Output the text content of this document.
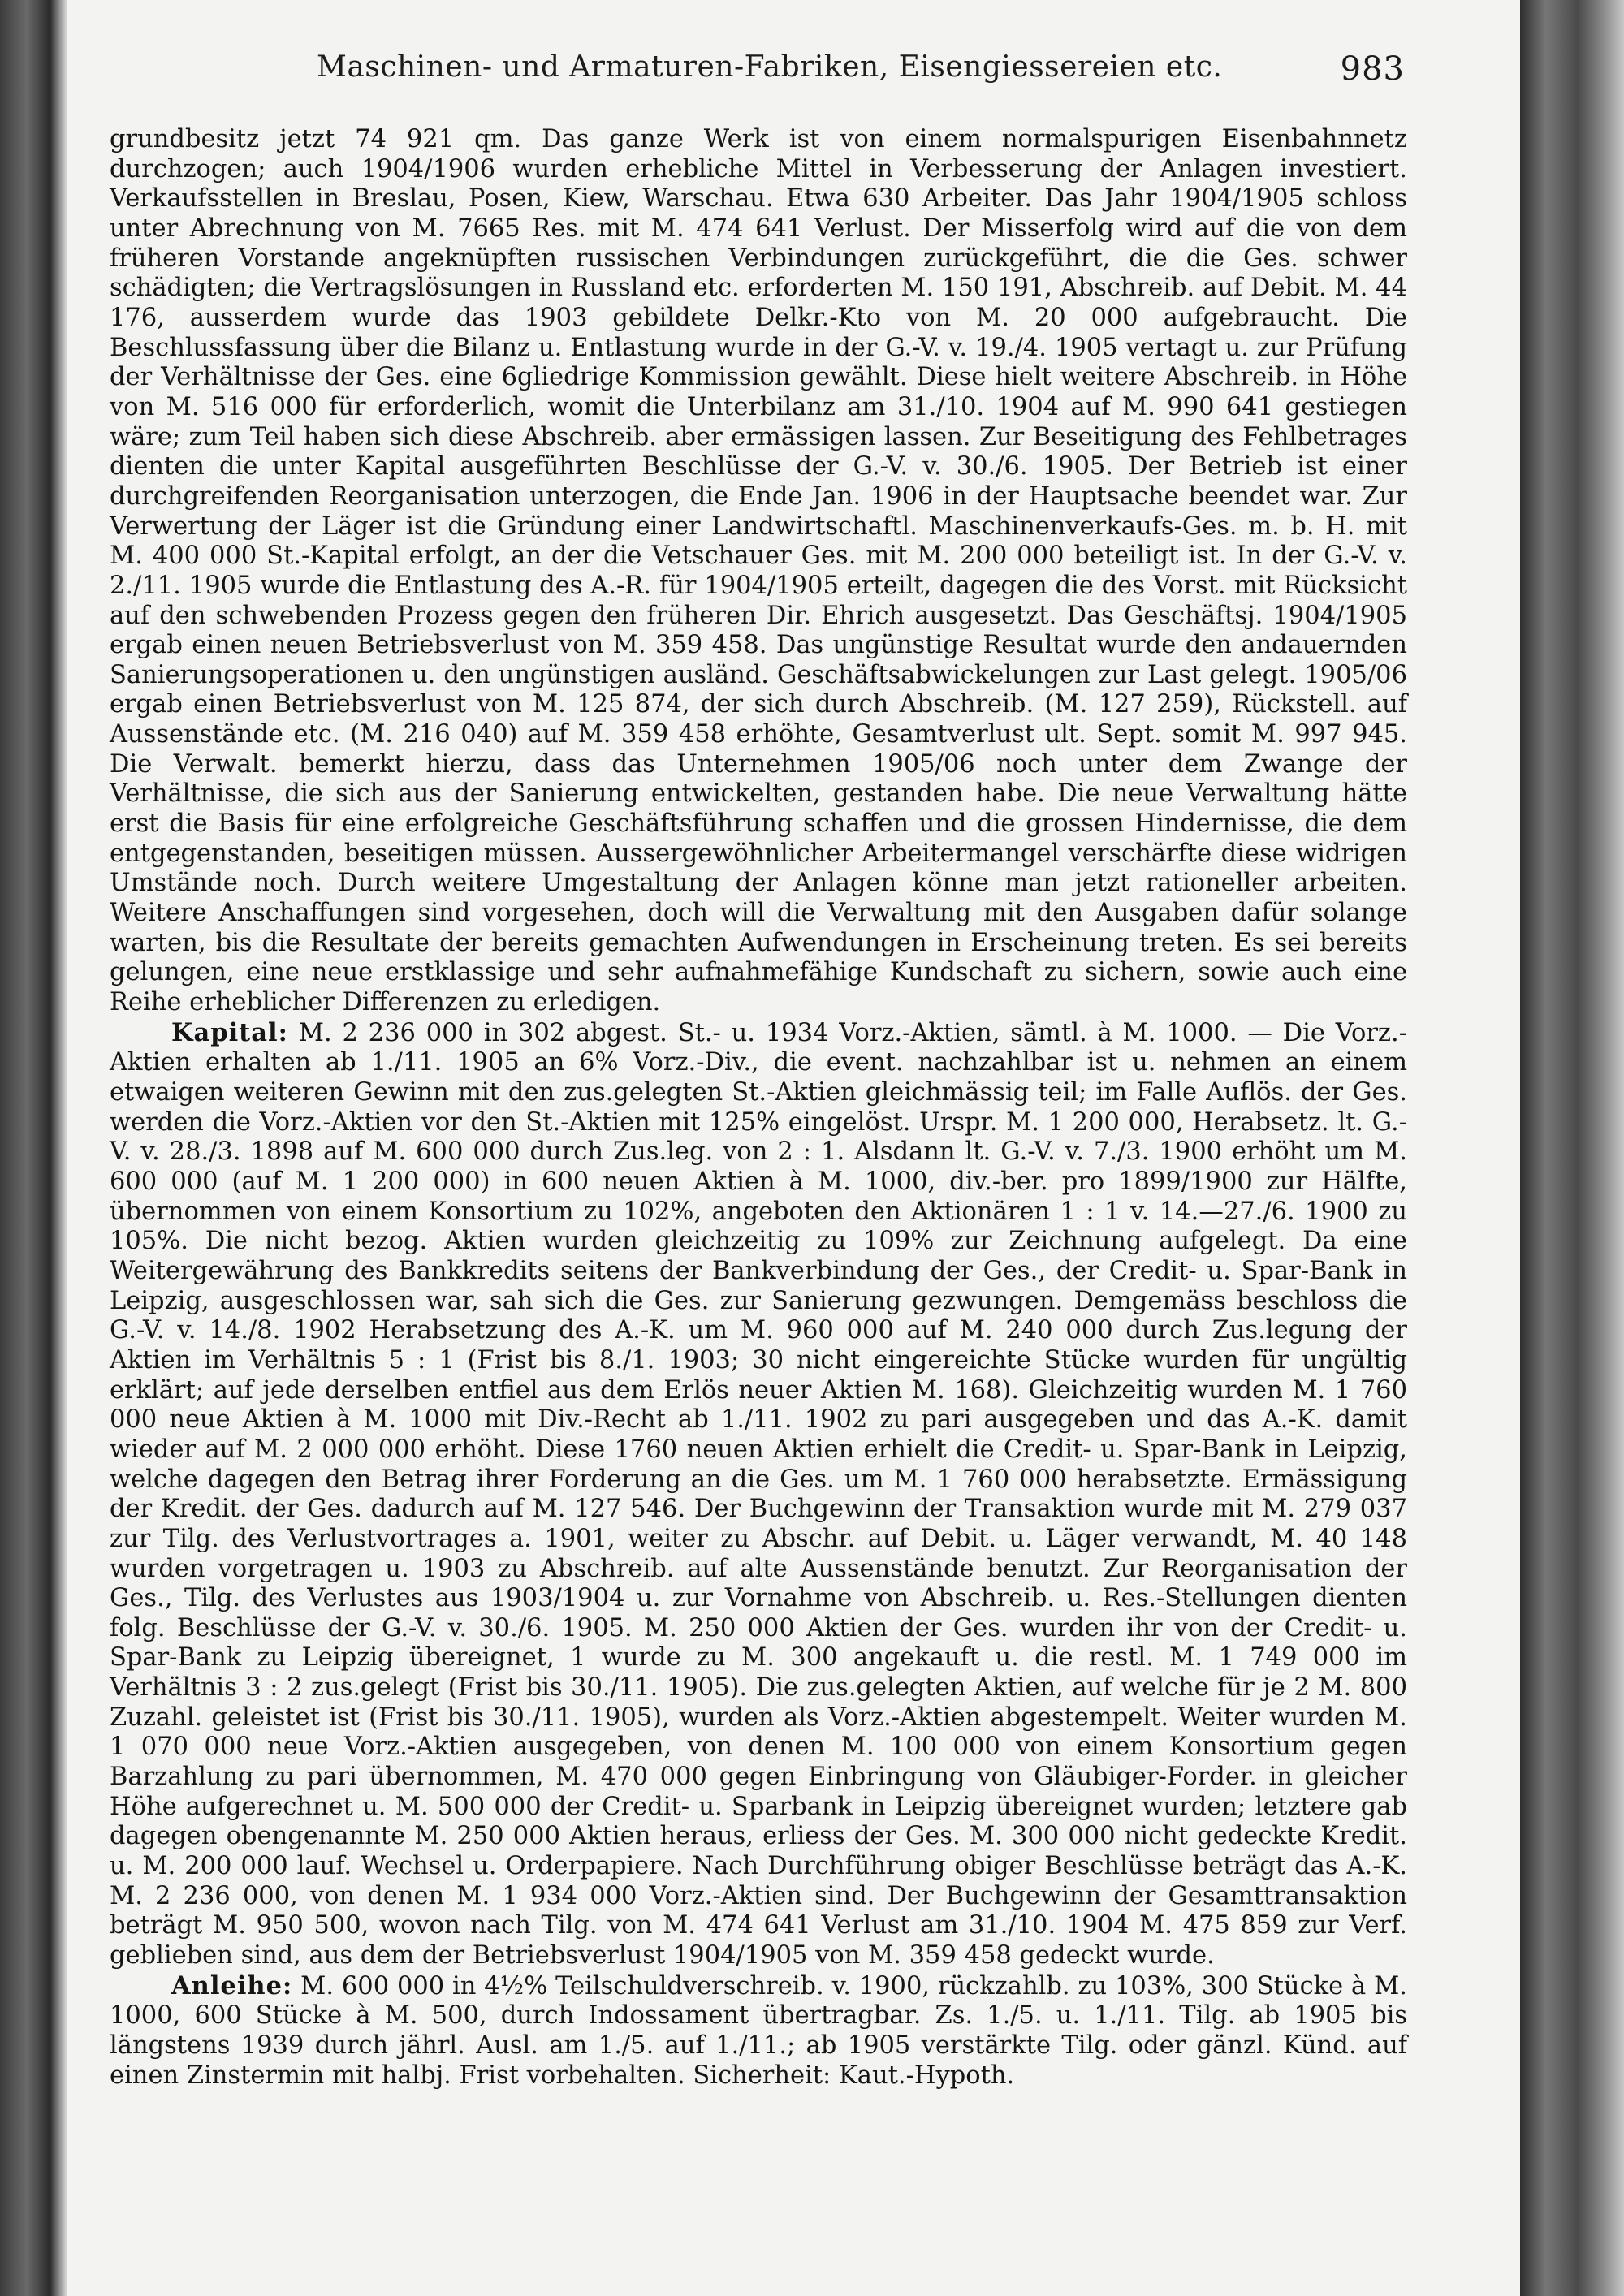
Maschinen- und Armaturen-Fabriken, Eisengiessereien etc.	983

grundbesitz jetzt 74 921 qm. Das ganze Werk ist von einem normalspurigen Eisenbahnnetz durchzogen; auch 1904/1906 wurden erhebliche Mittel in Verbesserung der Anlagen investiert. Verkaufsstellen in Breslau, Posen, Kiew, Warschau. Etwa 630 Arbeiter. Das Jahr 1904/1905 schloss unter Abrechnung von M. 7665 Res. mit M. 474 641 Verlust. Der Misserfolg wird auf die von dem früheren Vorstande angeknüpften russischen Verbindungen zurückgeführt, die die Ges. schwer schädigten; die Vertragslösungen in Russland etc. erforderten M. 150 191, Abschreib. auf Debit. M. 44 176, ausserdem wurde das 1903 gebildete Delkr.-Kto von M. 20 000 aufgebraucht. Die Beschlussfassung über die Bilanz u. Entlastung wurde in der G.-V. v. 19./4. 1905 vertagt u. zur Prüfung der Verhältnisse der Ges. eine 6gliedrige Kommission gewählt. Diese hielt weitere Abschreib. in Höhe von M. 516 000 für erforderlich, womit die Unterbilanz am 31./10. 1904 auf M. 990 641 gestiegen wäre; zum Teil haben sich diese Abschreib. aber ermässigen lassen. Zur Beseitigung des Fehlbetrages dienten die unter Kapital ausgeführten Beschlüsse der G.-V. v. 30./6. 1905. Der Betrieb ist einer durchgreifenden Reorganisation unterzogen, die Ende Jan. 1906 in der Hauptsache beendet war. Zur Verwertung der Läger ist die Gründung einer Landwirtschaftl. Maschinenverkaufs-Ges. m. b. H. mit M. 400 000 St.-Kapital erfolgt, an der die Vetschauer Ges. mit M. 200 000 beteiligt ist. In der G.-V. v. 2./11. 1905 wurde die Entlastung des A.-R. für 1904/1905 erteilt, dagegen die des Vorst. mit Rücksicht auf den schwebenden Prozess gegen den früheren Dir. Ehrich ausgesetzt. Das Geschäftsj. 1904/1905 ergab einen neuen Betriebsverlust von M. 359 458. Das ungünstige Resultat wurde den andauernden Sanierungsoperationen u. den ungünstigen ausländ. Geschäftsabwickelungen zur Last gelegt. 1905/06 ergab einen Betriebsverlust von M. 125 874, der sich durch Abschreib. (M. 127 259), Rückstell. auf Aussenstände etc. (M. 216 040) auf M. 359 458 erhöhte, Gesamtverlust ult. Sept. somit M. 997 945. Die Verwalt. bemerkt hierzu, dass das Unternehmen 1905/06 noch unter dem Zwange der Verhältnisse, die sich aus der Sanierung entwickelten, gestanden habe. Die neue Verwaltung hätte erst die Basis für eine erfolgreiche Geschäftsführung schaffen und die grossen Hindernisse, die dem entgegenstanden, beseitigen müssen. Aussergewöhnlicher Arbeitermangel verschärfte diese widrigen Umstände noch. Durch weitere Umgestaltung der Anlagen könne man jetzt rationeller arbeiten. Weitere Anschaffungen sind vorgesehen, doch will die Verwaltung mit den Ausgaben dafür solange warten, bis die Resultate der bereits gemachten Aufwendungen in Erscheinung treten. Es sei bereits gelungen, eine neue erstklassige und sehr aufnahmefähige Kundschaft zu sichern, sowie auch eine Reihe erheblicher Differenzen zu erledigen.

Kapital: M. 2 236 000 in 302 abgest. St.- u. 1934 Vorz.-Aktien, sämtl. à M. 1000. — Die Vorz.-Aktien erhalten ab 1./11. 1905 an 6% Vorz.-Div., die event. nachzahlbar ist u. nehmen an einem etwaigen weiteren Gewinn mit den zus.gelegten St.-Aktien gleichmässig teil; im Falle Auflös. der Ges. werden die Vorz.-Aktien vor den St.-Aktien mit 125% eingelöst. Urspr. M. 1 200 000, Herabsetz. lt. G.-V. v. 28./3. 1898 auf M. 600 000 durch Zus.leg. von 2 : 1. Alsdann lt. G.-V. v. 7./3. 1900 erhöht um M. 600 000 (auf M. 1 200 000) in 600 neuen Aktien à M. 1000, div.-ber. pro 1899/1900 zur Hälfte, übernommen von einem Konsortium zu 102%, angeboten den Aktionären 1 : 1 v. 14.—27./6. 1900 zu 105%. Die nicht bezog. Aktien wurden gleichzeitig zu 109% zur Zeichnung aufgelegt. Da eine Weitergewährung des Bankkredits seitens der Bankverbindung der Ges., der Credit- u. Spar-Bank in Leipzig, ausgeschlossen war, sah sich die Ges. zur Sanierung gezwungen. Demgemäss beschloss die G.-V. v. 14./8. 1902 Herabsetzung des A.-K. um M. 960 000 auf M. 240 000 durch Zus.legung der Aktien im Verhältnis 5 : 1 (Frist bis 8./1. 1903; 30 nicht eingereichte Stücke wurden für ungültig erklärt; auf jede derselben entfiel aus dem Erlös neuer Aktien M. 168). Gleichzeitig wurden M. 1 760 000 neue Aktien à M. 1000 mit Div.-Recht ab 1./11. 1902 zu pari ausgegeben und das A.-K. damit wieder auf M. 2 000 000 erhöht. Diese 1760 neuen Aktien erhielt die Credit- u. Spar-Bank in Leipzig, welche dagegen den Betrag ihrer Forderung an die Ges. um M. 1 760 000 herabsetzte. Ermässigung der Kredit. der Ges. dadurch auf M. 127 546. Der Buchgewinn der Transaktion wurde mit M. 279 037 zur Tilg. des Verlustvortrages a. 1901, weiter zu Abschr. auf Debit. u. Läger verwandt, M. 40 148 wurden vorgetragen u. 1903 zu Abschreib. auf alte Aussenstände benutzt. Zur Reorganisation der Ges., Tilg. des Verlustes aus 1903/1904 u. zur Vornahme von Abschreib. u. Res.-Stellungen dienten folg. Beschlüsse der G.-V. v. 30./6. 1905. M. 250 000 Aktien der Ges. wurden ihr von der Credit- u. Spar-Bank zu Leipzig übereignet, 1 wurde zu M. 300 angekauft u. die restl. M. 1 749 000 im Verhältnis 3 : 2 zus.gelegt (Frist bis 30./11. 1905). Die zus.gelegten Aktien, auf welche für je 2 M. 800 Zuzahl. geleistet ist (Frist bis 30./11. 1905), wurden als Vorz.-Aktien abgestempelt. Weiter wurden M. 1 070 000 neue Vorz.-Aktien ausgegeben, von denen M. 100 000 von einem Konsortium gegen Barzahlung zu pari übernommen, M. 470 000 gegen Einbringung von Gläubiger-Forder. in gleicher Höhe aufgerechnet u. M. 500 000 der Credit- u. Sparbank in Leipzig übereignet wurden; letztere gab dagegen obengenannte M. 250 000 Aktien heraus, erliess der Ges. M. 300 000 nicht gedeckte Kredit. u. M. 200 000 lauf. Wechsel u. Orderpapiere. Nach Durchführung obiger Beschlüsse beträgt das A.-K. M. 2 236 000, von denen M. 1 934 000 Vorz.-Aktien sind. Der Buchgewinn der Gesamttransaktion beträgt M. 950 500, wovon nach Tilg. von M. 474 641 Verlust am 31./10. 1904 M. 475 859 zur Verf. geblieben sind, aus dem der Betriebsverlust 1904/1905 von M. 359 458 gedeckt wurde.

Anleihe: M. 600 000 in 4½% Teilschuldverschreib. v. 1900, rückzahlb. zu 103%, 300 Stücke à M. 1000, 600 Stücke à M. 500, durch Indossament übertragbar. Zs. 1./5. u. 1./11. Tilg. ab 1905 bis längstens 1939 durch jährl. Ausl. am 1./5. auf 1./11.; ab 1905 verstärkte Tilg. oder gänzl. Künd. auf einen Zinstermin mit halbj. Frist vorbehalten. Sicherheit: Kaut.-Hypoth.
